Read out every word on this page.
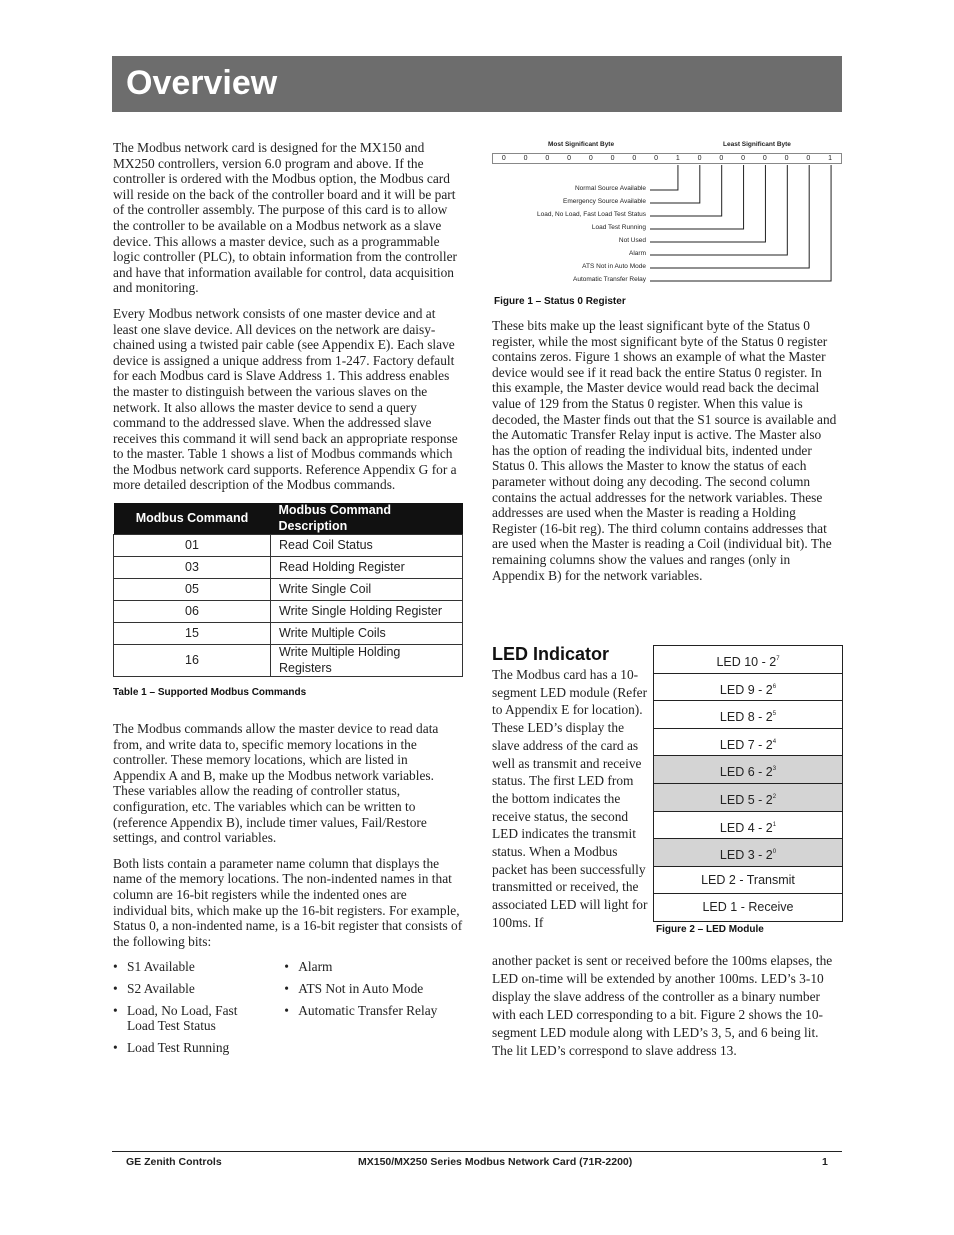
Overview

The Modbus network card is designed for the MX150 and MX250 controllers, version 6.0 program and above. If the controller is ordered with the Modbus option, the Modbus card will reside on the back of the controller board and it will be part of the controller assembly. The purpose of this card is to allow the controller to be available on a Modbus network as a slave device. This allows a master device, such as a programmable logic controller (PLC), to obtain information from the controller and have that information available for control, data acquisition and monitoring.

Every Modbus network consists of one master device and at least one slave device. All devices on the network are daisy-chained using a twisted pair cable (see Appendix E). Each slave device is assigned a unique address from 1-247. Factory default for each Modbus card is Slave Address 1. This address enables the master to distinguish between the various slaves on the network. It also allows the master device to send a query command to the addressed slave. When the addressed slave receives this command it will send back an appropriate response to the master. Table 1 shows a list of Modbus commands which the Modbus network card supports. Reference Appendix G for a more detailed description of the Modbus commands.

Modbus Command	Modbus Command Description
01	Read Coil Status
03	Read Holding Register
05	Write Single Coil
06	Write Single Holding Register
15	Write Multiple Coils
16	Write Multiple Holding Registers
Table 1 – Supported Modbus Commands

The Modbus commands allow the master device to read data from, and write data to, specific memory locations in the controller. These memory locations, which are listed in Appendix A and B, make up the Modbus network variables. These variables allow the reading of controller status, configuration, etc. The variables which can be written to (reference Appendix B), include timer values, Fail/Restore settings, and control variables.

Both lists contain a parameter name column that displays the name of the memory locations. The non-indented names in that column are 16-bit registers while the indented ones are individual bits, which make up the 16-bit registers. For example, Status 0, a non-indented name, is a 16-bit register that consists of the following bits:

• S1 Available
• S2 Available
• Load, No Load, Fast Load Test Status
• Load Test Running
• Alarm
• ATS Not in Auto Mode
• Automatic Transfer Relay
Most Significant Byte	Least Significant Byte
0	0	0	0	0	0	0	0	1	0	0	0	0	0	0	1
Normal Source Available
Emergency Source Available
Load, No Load, Fast Load Test Status
Load Test Running
Not Used
Alarm
ATS Not in Auto Mode
Automatic Transfer Relay
Figure 1 – Status 0 Register

These bits make up the least significant byte of the Status 0 register, while the most significant byte of the Status 0 register contains zeros. Figure 1 shows an example of what the Master device would see if it read back the entire Status 0 register. In this example, the Master device would read back the decimal value of 129 from the Status 0 register. When this value is decoded, the Master finds out that the S1 source is available and the Automatic Transfer Relay input is active. The Master also has the option of reading the individual bits, indented under Status 0. This allows the Master to know the status of each parameter without doing any decoding. The second column contains the actual addresses for the network variables. These addresses are used when the Master is reading a Holding Register (16-bit reg). The third column contains addresses that are used when the Master is reading a Coil (individual bit). The remaining columns show the values and ranges (only in Appendix B) for the network variables.

LED Indicator
The Modbus card has a 10-segment LED module (Refer to Appendix E for location). These LED’s display the slave address of the card as well as transmit and receive status. The first LED from the bottom indicates the receive status, the second LED indicates the transmit status. When a Modbus packet has been successfully transmitted or received, the associated LED will light for 100ms. If
LED $10 - 2^7$
LED $9 - 2^6$
LED $8 - 2^5$
LED $7 - 2^4$
LED $6 - 2^3$
LED $5 - 2^2$
LED $4 - 2^1$
LED $3 - 2^0$
LED 2 - Transmit
LED 1 - Receive
Figure 2 – LED Module
another packet is sent or received before the 100ms elapses, the LED on-time will be extended by another 100ms. LED’s 3-10 display the slave address of the controller as a binary number with each LED corresponding to a bit. Figure 2 shows the 10-segment LED module along with LED’s 3, 5, and 6 being lit. The lit LED’s correspond to slave address 13.
GE Zenith Controls	MX150/MX250 Series Modbus Network Card (71R-2200)	1
